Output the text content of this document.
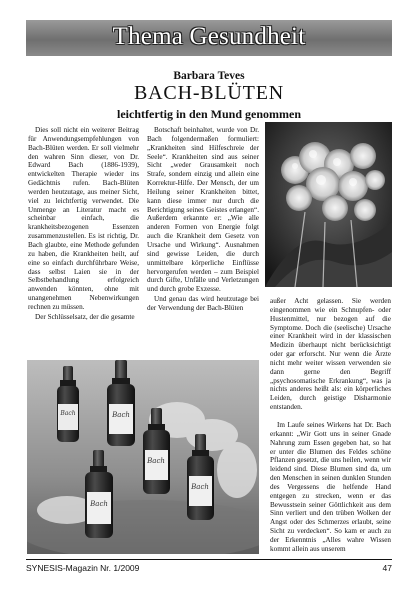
Thema Gesundheit
Barbara Teves
BACH-BLÜTEN
leichtfertig in den Mund genommen

Dies soll nicht ein weiterer Beitrag für Anwendungsempfehlungen von Bach-Blüten werden. Er soll vielmehr den wahren Sinn dieser, von Dr. Edward Bach (1886-1939), entwickelten Therapie wieder ins Gedächtnis rufen. Bach-Blüten werden heutzutage, aus meiner Sicht, viel zu leichtfertig verwendet. Die Unmenge an Literatur macht es scheinbar einfach, die krankheitsbezogenen Essenzen zusammenzustellen. Es ist richtig, Dr. Bach glaubte, eine Methode gefunden zu haben, die Krankheiten heilt, auf eine so einfach durchführbare Weise, dass selbst Laien sie in der Selbstbehandlung erfolgreich anwenden könnten, ohne mit unangenehmen Nebenwirkungen rechnen zu müssen.

Der Schlüsselsatz, der die gesamte

Botschaft beinhaltet, wurde von Dr. Bach folgendermaßen formuliert: „Krankheiten sind Hilfeschreie der Seele“. Krankheiten sind aus seiner Sicht „weder Grausamkeit noch Strafe, sondern einzig und allein eine Korrektur-Hilfe. Der Mensch, der um Heilung seiner Krankheiten bittet, kann diese immer nur durch die Berichtigung seines Geistes erlangen“. Außerdem erkannte er: „Wie alle anderen Formen von Energie folgt auch die Krankheit dem Gesetz von Ursache und Wirkung“. Ausnahmen sind gewisse Leiden, die durch unmittelbare körperliche Einflüsse hervorgerufen werden – zum Beispiel durch Gifte, Unfälle und Verletzungen und durch grobe Exzesse.

Und genau das wird heutzutage bei der Verwendung der Bach-Blüten

außer Acht gelassen. Sie werden eingenommen wie ein Schnupfen- oder Hustenmittel, nur bezogen auf die Symptome. Doch die (seelische) Ursache einer Krankheit wird in der klassischen Medizin überhaupt nicht berücksichtigt oder gar erforscht. Nur wenn die Ärzte nicht mehr weiter wissen verwenden sie dann gerne den Begriff „psychosomatische Erkrankung“, was ja nichts anderes heißt als: ein körperliches Leiden, durch geistige Disharmonie entstanden.

Im Laufe seines Wirkens hat Dr. Bach erkannt: „Wir Gott uns in seiner Gnade Nahrung zum Essen gegeben hat, so hat er unter die Blumen des Feldes schöne Pflanzen gesetzt, die uns heilen, wenn wir leidend sind. Diese Blumen sind da, um den Menschen in seinen dunklen Stunden des Vergessens die helfende Hand entgegen zu strecken, wenn er das Bewusstsein seiner Göttlichkeit aus dem Sinn verliert und den trüben Wolken der Angst oder des Schmerzes erlaubt, seine Sicht zu verdecken“. So kam er auch zu der Erkenntnis „Alles wahre Wissen kommt allein aus unserem

Bach	Bach
Bach
Bach
Bach
SYNESIS-Magazin Nr. 1/2009	47
